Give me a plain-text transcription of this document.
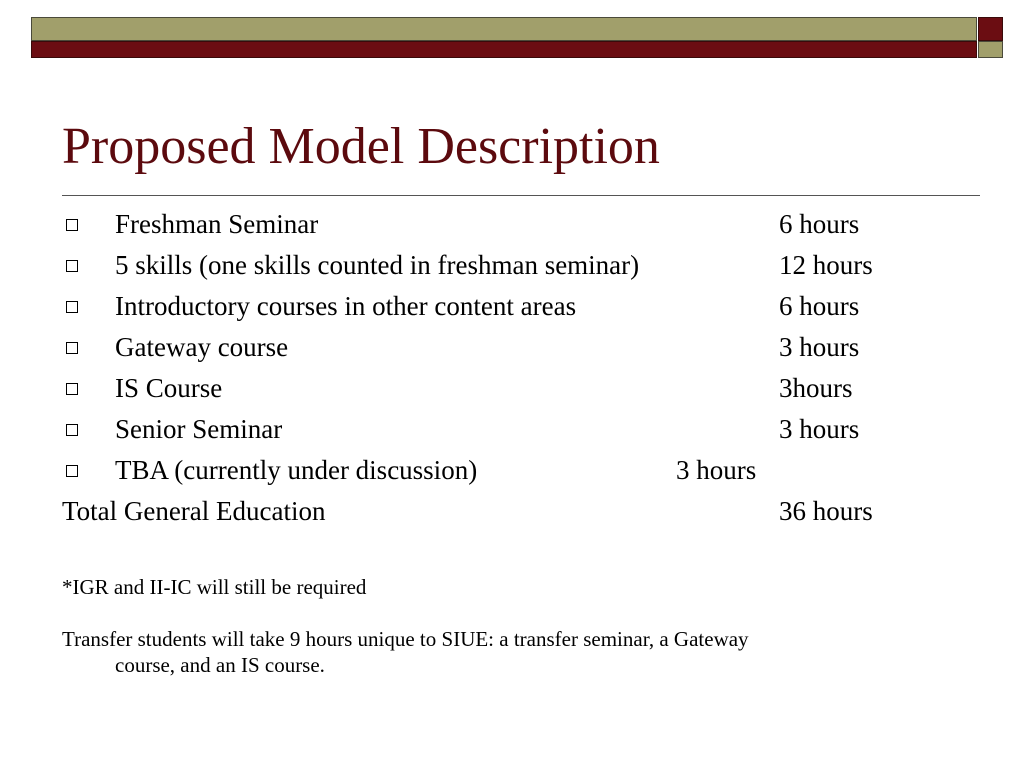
Proposed Model Description
Freshman Seminar	6 hours
5 skills (one skills counted in freshman seminar)	12 hours
Introductory courses in other content areas	6 hours
Gateway course	3 hours
IS Course	3hours
Senior Seminar	3 hours
TBA (currently under discussion)	3 hours
Total General Education	36 hours
*IGR and II-IC will still be required
Transfer students will take 9 hours unique to SIUE: a transfer seminar, a Gateway
course, and an IS course.
